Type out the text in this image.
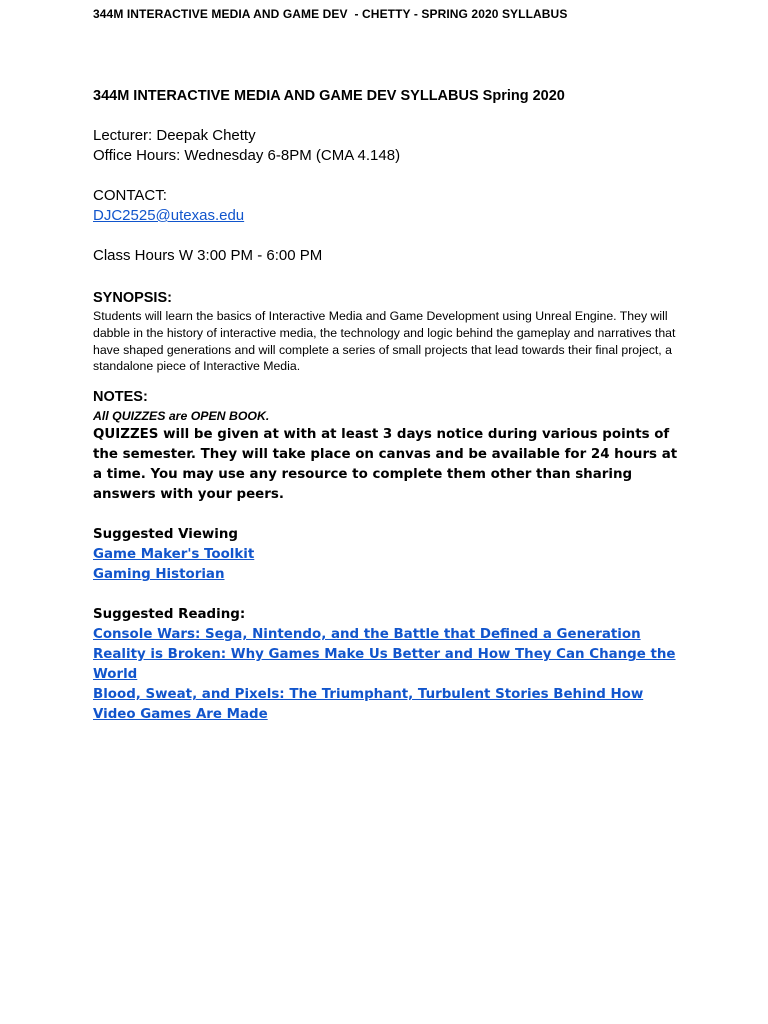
344M INTERACTIVE MEDIA AND GAME DEV  - CHETTY - SPRING 2020 SYLLABUS

344M INTERACTIVE MEDIA AND GAME DEV SYLLABUS Spring 2020

Lecturer: Deepak Chetty

Office Hours: Wednesday 6-8PM (CMA 4.148)

CONTACT:

DJC2525@utexas.edu

Class Hours W 3:00 PM - 6:00 PM

SYNOPSIS:

Students will learn the basics of Interactive Media and Game Development using Unreal Engine. They will dabble in the history of interactive media, the technology and logic behind the gameplay and narratives that have shaped generations and will complete a series of small projects that lead towards their final project, a standalone piece of Interactive Media.

NOTES:

All QUIZZES are OPEN BOOK.

QUIZZES will be given at with at least 3 days notice during various points of the semester. They will take place on canvas and be available for 24 hours at a time. You may use any resource to complete them other than sharing answers with your peers.

Suggested Viewing

Game Maker's Toolkit
Gaming Historian

Suggested Reading:

Console Wars: Sega, Nintendo, and the Battle that Defined a Generation
Reality is Broken: Why Games Make Us Better and How They Can Change the World
Blood, Sweat, and Pixels: The Triumphant, Turbulent Stories Behind How Video Games Are Made
